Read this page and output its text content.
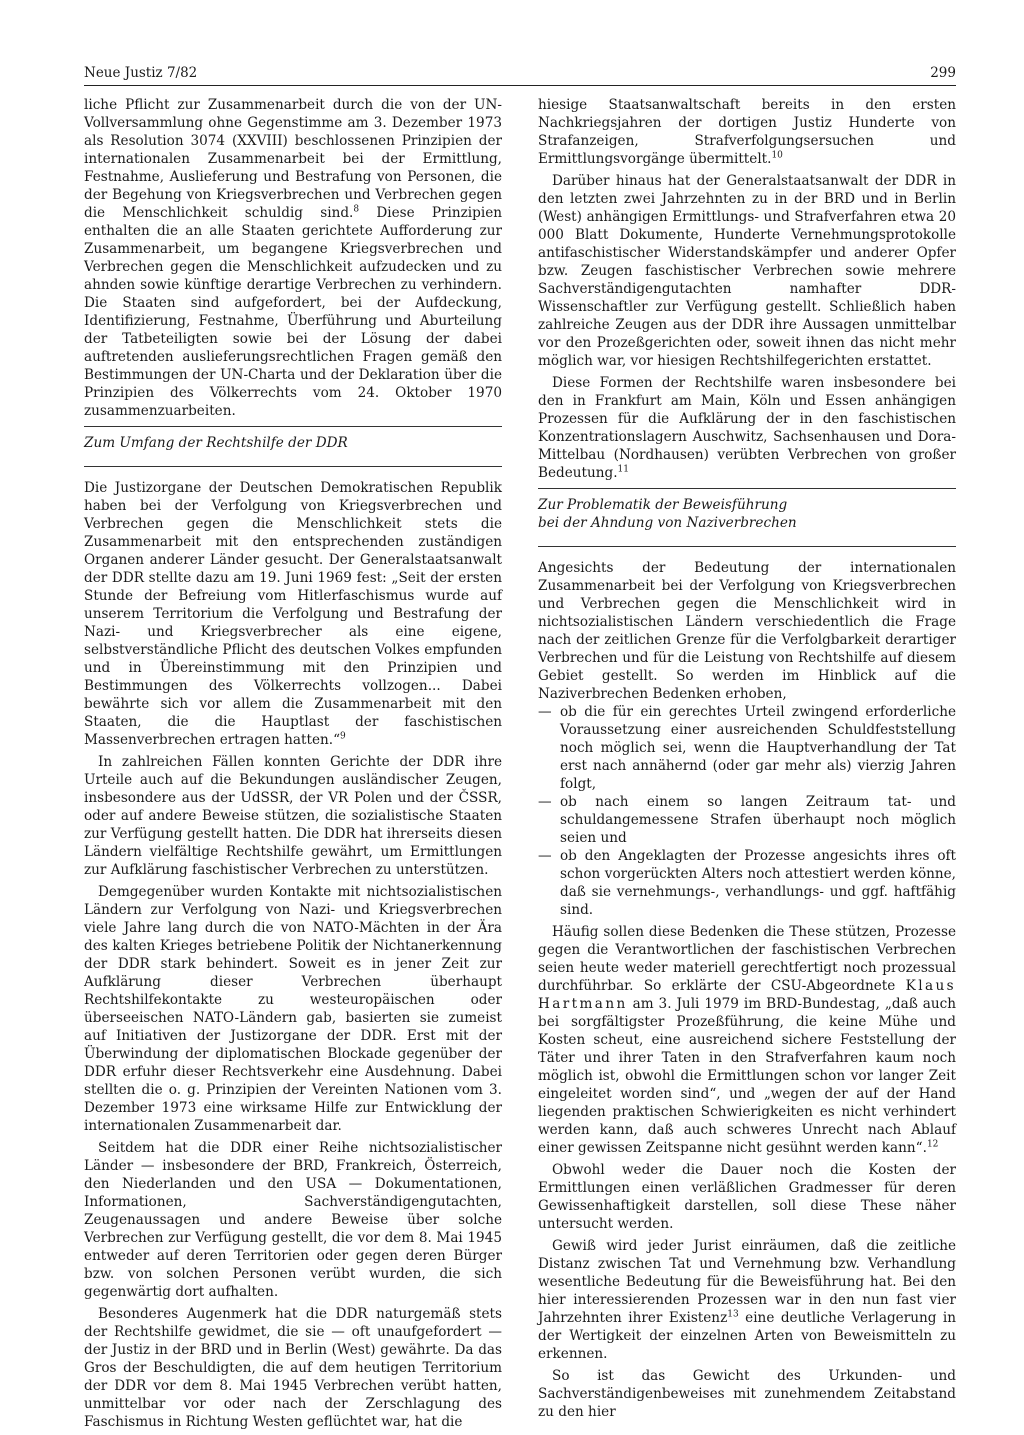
Neue Justiz 7/82	299

liche Pflicht zur Zusammenarbeit durch die von der UN-Vollversammlung ohne Gegenstimme am 3. Dezember 1973 als Resolution 3074 (XXVIII) beschlossenen Prinzipien der internationalen Zusammenarbeit bei der Ermittlung, Festnahme, Auslieferung und Bestrafung von Personen, die der Begehung von Kriegsverbrechen und Verbrechen gegen die Menschlichkeit schuldig sind.$^8$ Diese Prinzipien enthalten die an alle Staaten gerichtete Aufforderung zur Zusammenarbeit, um begangene Kriegsverbrechen und Verbrechen gegen die Menschlichkeit aufzudecken und zu ahnden sowie künftige derartige Verbrechen zu verhindern. Die Staaten sind aufgefordert, bei der Aufdeckung, Identifizierung, Festnahme, Überführung und Aburteilung der Tatbeteiligten sowie bei der Lösung der dabei auftretenden auslieferungsrechtlichen Fragen gemäß den Bestimmungen der UN-Charta und der Deklaration über die Prinzipien des Völkerrechts vom 24. Oktober 1970 zusammenzuarbeiten.

Zum Umfang der Rechtshilfe der DDR

Die Justizorgane der Deutschen Demokratischen Republik haben bei der Verfolgung von Kriegsverbrechen und Verbrechen gegen die Menschlichkeit stets die Zusammenarbeit mit den entsprechenden zuständigen Organen anderer Länder gesucht. Der Generalstaatsanwalt der DDR stellte dazu am 19. Juni 1969 fest: „Seit der ersten Stunde der Befreiung vom Hitlerfaschismus wurde auf unserem Territorium die Verfolgung und Bestrafung der Nazi- und Kriegsverbrecher als eine eigene, selbstverständliche Pflicht des deutschen Volkes empfunden und in Übereinstimmung mit den Prinzipien und Bestimmungen des Völkerrechts vollzogen... Dabei bewährte sich vor allem die Zusammenarbeit mit den Staaten, die die Hauptlast der faschistischen Massenverbrechen ertragen hatten.“$^9$

In zahlreichen Fällen konnten Gerichte der DDR ihre Urteile auch auf die Bekundungen ausländischer Zeugen, insbesondere aus der UdSSR, der VR Polen und der ČSSR, oder auf andere Beweise stützen, die sozialistische Staaten zur Verfügung gestellt hatten. Die DDR hat ihrerseits diesen Ländern vielfältige Rechtshilfe gewährt, um Ermittlungen zur Aufklärung faschistischer Verbrechen zu unterstützen.

Demgegenüber wurden Kontakte mit nichtsozialistischen Ländern zur Verfolgung von Nazi- und Kriegsverbrechen viele Jahre lang durch die von NATO-Mächten in der Ära des kalten Krieges betriebene Politik der Nichtanerkennung der DDR stark behindert. Soweit es in jener Zeit zur Aufklärung dieser Verbrechen überhaupt Rechtshilfekontakte zu westeuropäischen oder überseeischen NATO-Ländern gab, basierten sie zumeist auf Initiativen der Justizorgane der DDR. Erst mit der Überwindung der diplomatischen Blockade gegenüber der DDR erfuhr dieser Rechtsverkehr eine Ausdehnung. Dabei stellten die o. g. Prinzipien der Vereinten Nationen vom 3. Dezember 1973 eine wirksame Hilfe zur Entwicklung der internationalen Zusammenarbeit dar.

Seitdem hat die DDR einer Reihe nichtsozialistischer Länder — insbesondere der BRD, Frankreich, Österreich, den Niederlanden und den USA — Dokumentationen, Informationen, Sachverständigengutachten, Zeugenaussagen und andere Beweise über solche Verbrechen zur Verfügung gestellt, die vor dem 8. Mai 1945 entweder auf deren Territorien oder gegen deren Bürger bzw. von solchen Personen verübt wurden, die sich gegenwärtig dort aufhalten.

Besonderes Augenmerk hat die DDR naturgemäß stets der Rechtshilfe gewidmet, die sie — oft unaufgefordert — der Justiz in der BRD und in Berlin (West) gewährte. Da das Gros der Beschuldigten, die auf dem heutigen Territorium der DDR vor dem 8. Mai 1945 Verbrechen verübt hatten, unmittelbar vor oder nach der Zerschlagung des Faschismus in Richtung Westen geflüchtet war, hat die

hiesige Staatsanwaltschaft bereits in den ersten Nachkriegsjahren der dortigen Justiz Hunderte von Strafanzeigen, Strafverfolgungsersuchen und Ermittlungsvorgänge übermittelt.$^{10}$

Darüber hinaus hat der Generalstaatsanwalt der DDR in den letzten zwei Jahrzehnten zu in der BRD und in Berlin (West) anhängigen Ermittlungs- und Strafverfahren etwa 20 000 Blatt Dokumente, Hunderte Vernehmungsprotokolle antifaschistischer Widerstandskämpfer und anderer Opfer bzw. Zeugen faschistischer Verbrechen sowie mehrere Sachverständigengutachten namhafter DDR-Wissenschaftler zur Verfügung gestellt. Schließlich haben zahlreiche Zeugen aus der DDR ihre Aussagen unmittelbar vor den Prozeßgerichten oder, soweit ihnen das nicht mehr möglich war, vor hiesigen Rechtshilfegerichten erstattet.

Diese Formen der Rechtshilfe waren insbesondere bei den in Frankfurt am Main, Köln und Essen anhängigen Prozessen für die Aufklärung der in den faschistischen Konzentrationslagern Auschwitz, Sachsenhausen und Dora-Mittelbau (Nordhausen) verübten Verbrechen von großer Bedeutung.$^{11}$

Zur Problematik der Beweisführung
bei der Ahndung von Naziverbrechen

Angesichts der Bedeutung der internationalen Zusammenarbeit bei der Verfolgung von Kriegsverbrechen und Verbrechen gegen die Menschlichkeit wird in nichtsozialistischen Ländern verschiedentlich die Frage nach der zeitlichen Grenze für die Verfolgbarkeit derartiger Verbrechen und für die Leistung von Rechtshilfe auf diesem Gebiet gestellt. So werden im Hinblick auf die Naziverbrechen Bedenken erhoben,

— ob die für ein gerechtes Urteil zwingend erforderliche Voraussetzung einer ausreichenden Schuldfeststellung noch möglich sei, wenn die Hauptverhandlung der Tat erst nach annähernd (oder gar mehr als) vierzig Jahren folgt,
— ob nach einem so langen Zeitraum tat- und schuldangemessene Strafen überhaupt noch möglich seien und
— ob den Angeklagten der Prozesse angesichts ihres oft schon vorgerückten Alters noch attestiert werden könne, daß sie vernehmungs-, verhandlungs- und ggf. haftfähig sind.

Häufig sollen diese Bedenken die These stützen, Prozesse gegen die Verantwortlichen der faschistischen Verbrechen seien heute weder materiell gerechtfertigt noch prozessual durchführbar. So erklärte der CSU-Abgeordnete Klaus Hartmann am 3. Juli 1979 im BRD-Bundestag, „daß auch bei sorgfältigster Prozeßführung, die keine Mühe und Kosten scheut, eine ausreichend sichere Feststellung der Täter und ihrer Taten in den Strafverfahren kaum noch möglich ist, obwohl die Ermittlungen schon vor langer Zeit eingeleitet worden sind“, und „wegen der auf der Hand liegenden praktischen Schwierigkeiten es nicht verhindert werden kann, daß auch schweres Unrecht nach Ablauf einer gewissen Zeitspanne nicht gesühnt werden kann“.$^{12}$

Obwohl weder die Dauer noch die Kosten der Ermittlungen einen verläßlichen Gradmesser für deren Gewissenhaftigkeit darstellen, soll diese These näher untersucht werden.

Gewiß wird jeder Jurist einräumen, daß die zeitliche Distanz zwischen Tat und Vernehmung bzw. Verhandlung wesentliche Bedeutung für die Beweisführung hat. Bei den hier interessierenden Prozessen war in den nun fast vier Jahrzehnten ihrer Existenz$^{13}$ eine deutliche Verlagerung in der Wertigkeit der einzelnen Arten von Beweismitteln zu erkennen.

So ist das Gewicht des Urkunden- und Sachverständigenbeweises mit zunehmendem Zeitabstand zu den hier
